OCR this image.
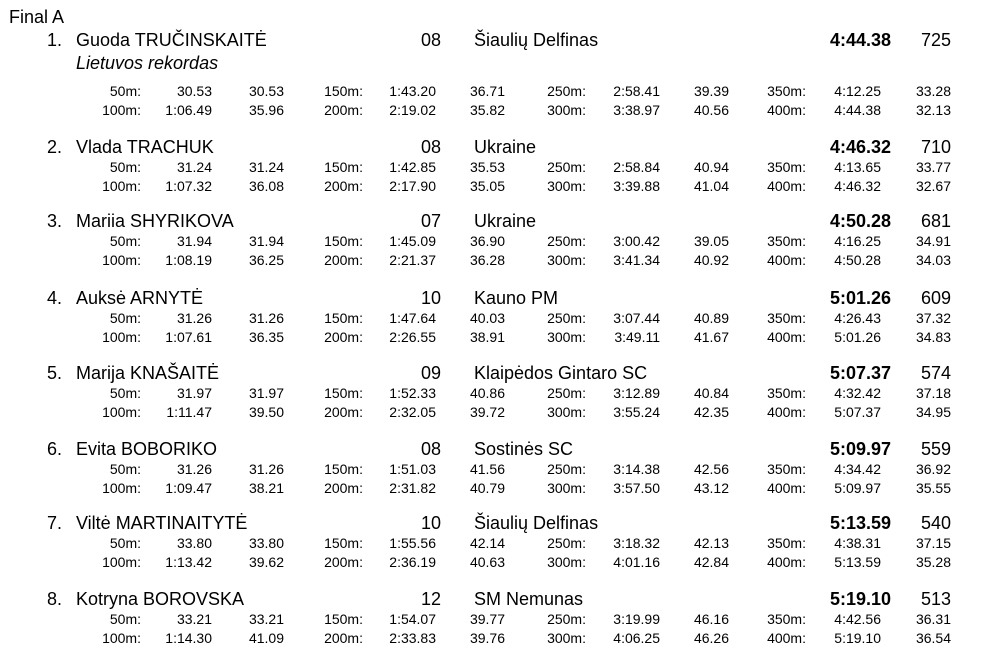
Final A
1. Guoda TRUČINSKAITĖ	08 Šiaulių Delfinas	4:44.38 725
Lietuvos rekordas
50m:	30.53	30.53	150m: 1:43.20 36.71	250m: 2:58.41 39.39	350m: 4:12.25 33.28
100m: 1:06.49	35.96	200m: 2:19.02 35.82	300m: 3:38.97 40.56	400m: 4:44.38 32.13
2. Vlada TRACHUK	08 Ukraine	4:46.32 710
50m:	31.24	31.24	150m: 1:42.85 35.53	250m: 2:58.84 40.94	350m: 4:13.65 33.77
100m: 1:07.32	36.08	200m: 2:17.90 35.05	300m: 3:39.88 41.04	400m: 4:46.32 32.67
3. Mariia SHYRIKOVA	07 Ukraine	4:50.28 681
50m:	31.94	31.94	150m: 1:45.09 36.90	250m: 3:00.42 39.05	350m: 4:16.25 34.91
100m: 1:08.19	36.25	200m: 2:21.37 36.28	300m: 3:41.34 40.92	400m: 4:50.28 34.03
4. Auksė ARNYTĖ	10 Kauno PM	5:01.26 609
50m:	31.26	31.26	150m: 1:47.64 40.03	250m: 3:07.44 40.89	350m: 4:26.43 37.32
100m: 1:07.61	36.35	200m: 2:26.55 38.91	300m: 3:49.11 41.67	400m: 5:01.26 34.83
5. Marija KNAŠAITĖ	09 Klaipėdos Gintaro SC	5:07.37 574
50m:	31.97	31.97	150m: 1:52.33 40.86	250m: 3:12.89 40.84	350m: 4:32.42 37.18
100m: 1:11.47	39.50	200m: 2:32.05 39.72	300m: 3:55.24 42.35	400m: 5:07.37 34.95
6. Evita BOBORIKO	08 Sostinės SC	5:09.97 559
50m:	31.26	31.26	150m: 1:51.03 41.56	250m: 3:14.38 42.56	350m: 4:34.42 36.92
100m: 1:09.47	38.21	200m: 2:31.82 40.79	300m: 3:57.50 43.12	400m: 5:09.97 35.55
7. Viltė MARTINAITYTĖ	10 Šiaulių Delfinas	5:13.59 540
50m:	33.80	33.80	150m: 1:55.56 42.14	250m: 3:18.32 42.13	350m: 4:38.31 37.15
100m: 1:13.42	39.62	200m: 2:36.19 40.63	300m: 4:01.16 42.84	400m: 5:13.59 35.28
8. Kotryna BOROVSKA	12 SM Nemunas	5:19.10 513
50m:	33.21	33.21	150m: 1:54.07 39.77	250m: 3:19.99 46.16	350m: 4:42.56 36.31
100m: 1:14.30	41.09	200m: 2:33.83 39.76	300m: 4:06.25 46.26	400m: 5:19.10 36.54
